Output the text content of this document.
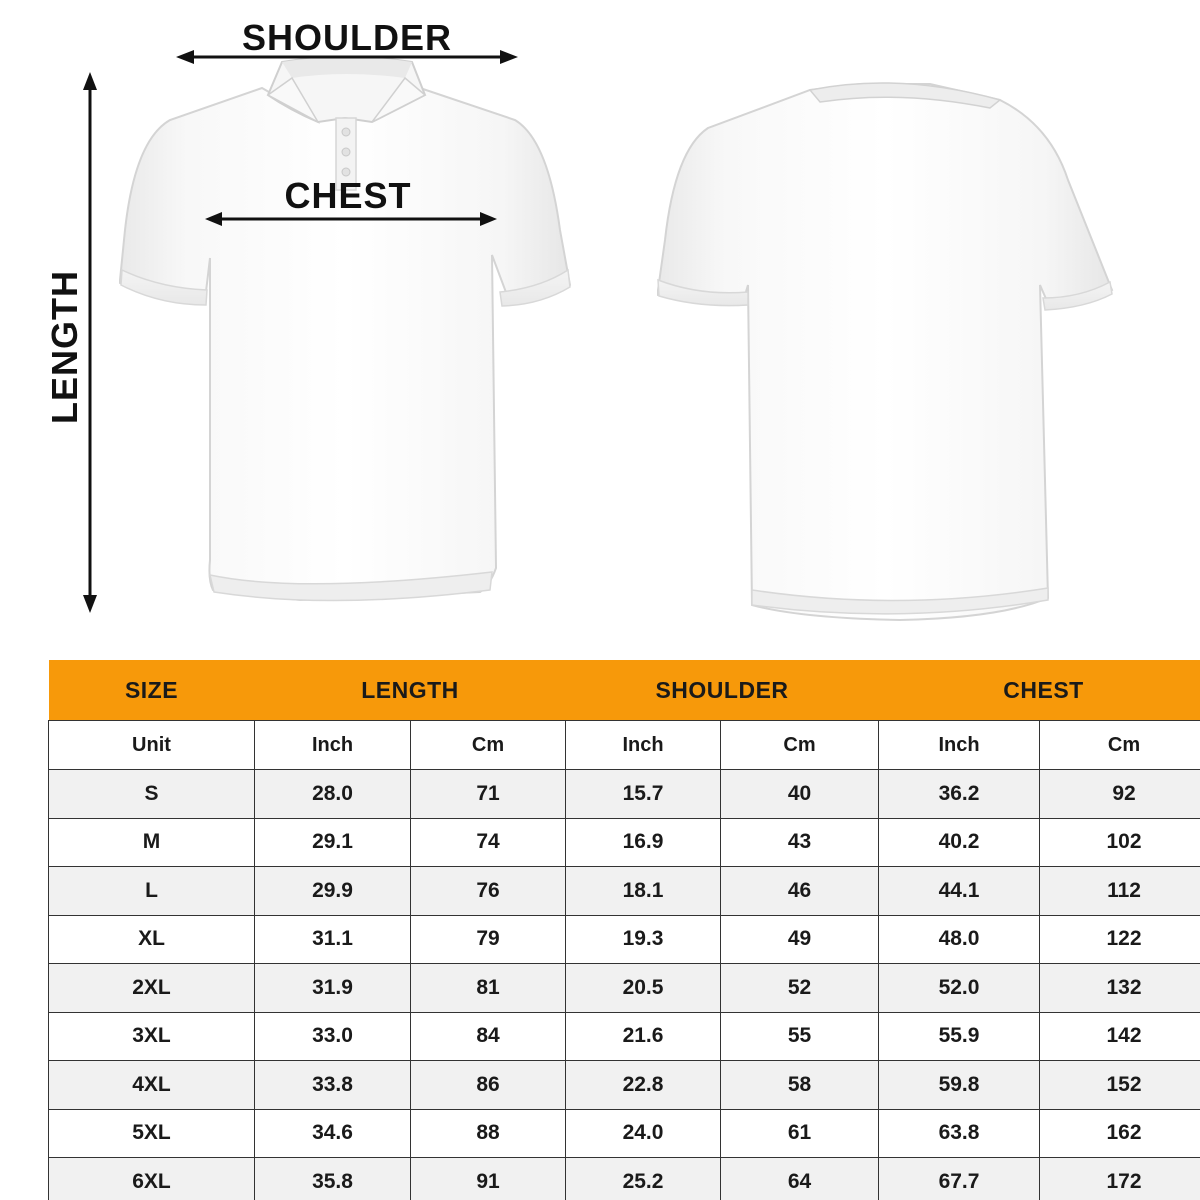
SHOULDER
CHEST
LENGTH
SIZE	LENGTH		SHOULDER		CHEST	
Unit	Inch	Cm	Inch	Cm	Inch	Cm
S	28.0	71	15.7	40	36.2	92
M	29.1	74	16.9	43	40.2	102
L	29.9	76	18.1	46	44.1	112
XL	31.1	79	19.3	49	48.0	122
2XL	31.9	81	20.5	52	52.0	132
3XL	33.0	84	21.6	55	55.9	142
4XL	33.8	86	22.8	58	59.8	152
5XL	34.6	88	24.0	61	63.8	162
6XL	35.8	91	25.2	64	67.7	172
